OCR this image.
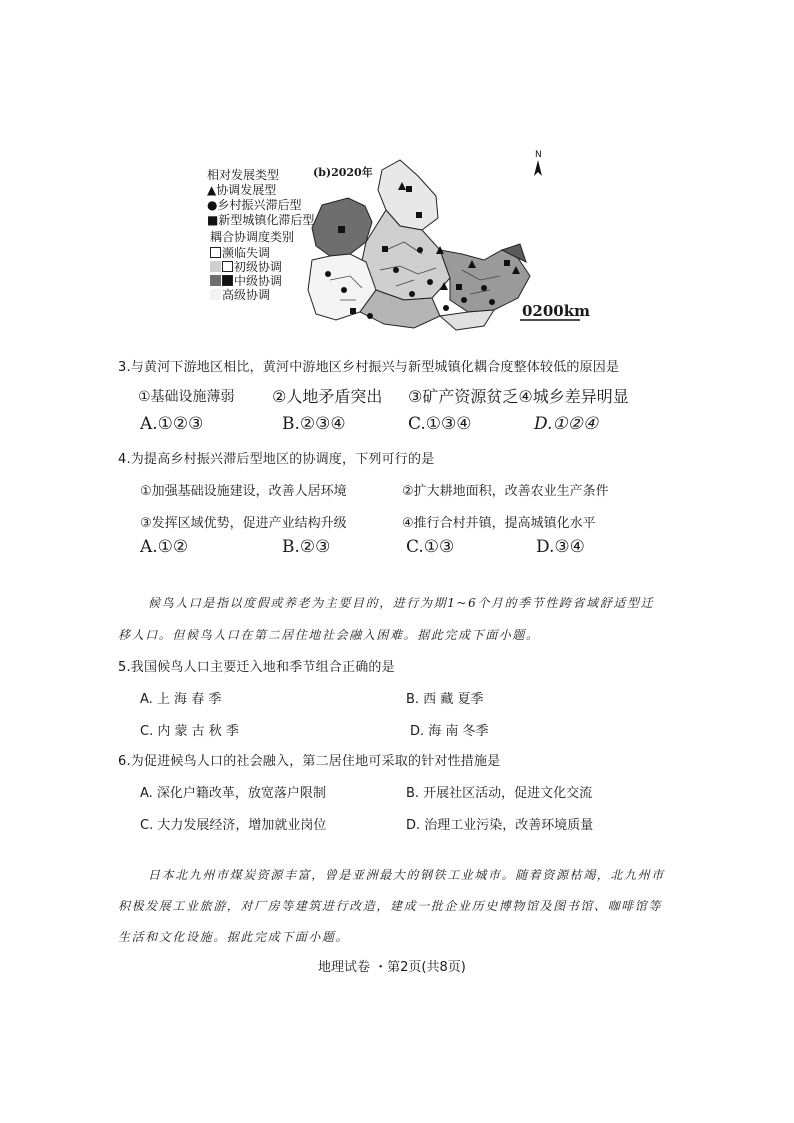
相对发展类型
▲协调发展型
●乡村振兴滞后型
■新型城镇化滞后型
耦合协调度类别
濒临失调
初级协调
中级协调
高级协调
(b)2020年
N
0200km
3.与黄河下游地区相比，黄河中游地区乡村振兴与新型城镇化耦合度整体较低的原因是
①基础设施薄弱 ②人地矛盾突出 ③矿产资源贫乏④城乡差异明显
A.①②③	B.②③④	C.①③④	D.①②④
4.为提高乡村振兴滞后型地区的协调度，下列可行的是
①加强基础设施建设，改善人居环境	②扩大耕地面积，改善农业生产条件
③发挥区域优势，促进产业结构升级	④推行合村并镇，提高城镇化水平
A.①②	B.②③	C.①③	D.③④
候鸟人口是指以度假或养老为主要目的，进行为期1~6个月的季节性跨省域舒适型迁
移人口。但候鸟人口在第二居住地社会融入困难。据此完成下面小题。
5.我国候鸟人口主要迁入地和季节组合正确的是
A. 上 海 春 季	B. 西 藏 夏季
C. 内 蒙 古 秋 季	D. 海 南 冬季
6.为促进候鸟人口的社会融入，第二居住地可采取的针对性措施是
A. 深化户籍改革，放宽落户限制	B. 开展社区活动，促进文化交流
C. 大力发展经济，增加就业岗位	D. 治理工业污染，改善环境质量
日本北九州市煤炭资源丰富，曾是亚洲最大的钢铁工业城市。随着资源枯竭，北九州市
积极发展工业旅游，对厂房等建筑进行改造，建成一批企业历史博物馆及图书馆、咖啡馆等
生活和文化设施。据此完成下面小题。
地理试卷 ・第2页(共8页)
